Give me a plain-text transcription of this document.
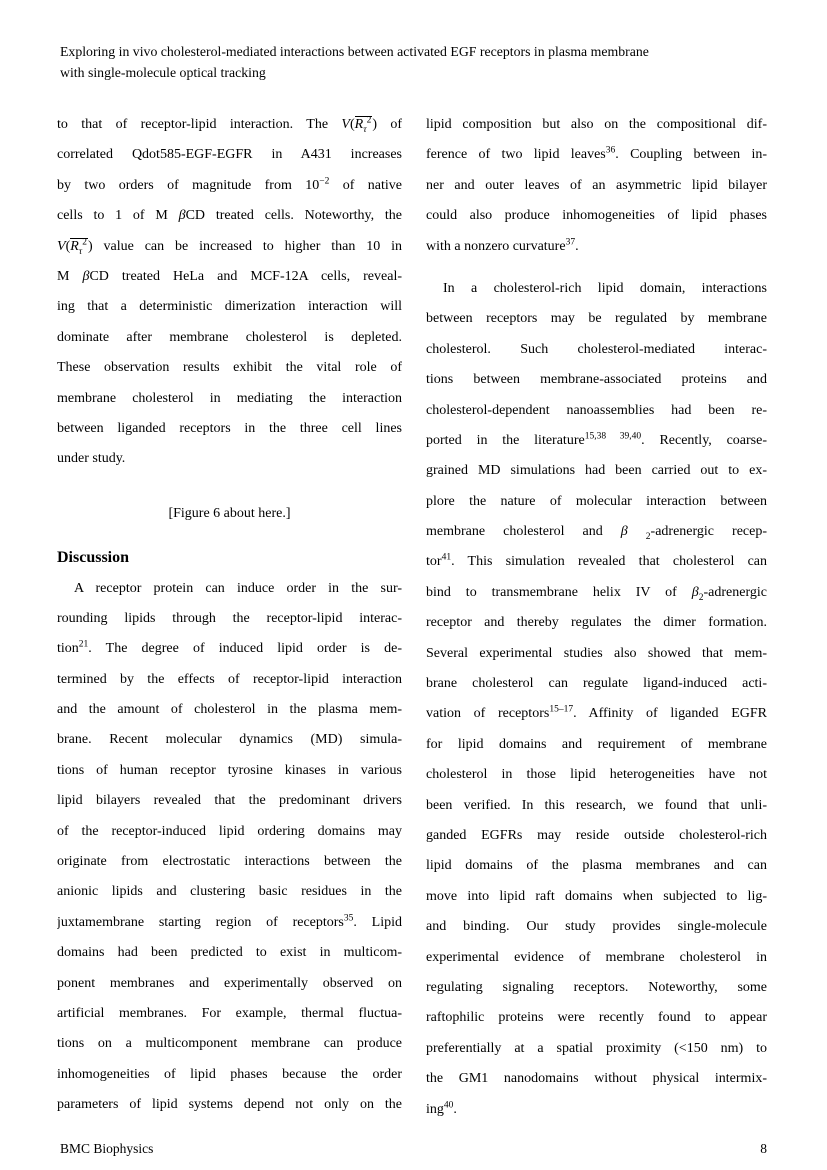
Exploring in vivo cholesterol-mediated interactions between activated EGF receptors in plasma membrane
with single-molecule optical tracking
to that of receptor-lipid interaction. The $V(R_\tau^2)$ of
correlated Qdot585-EGF-EGFR in A431 increases
by two orders of magnitude from $10^{-2}$ of native
cells to 1 of M βCD treated cells. Noteworthy, the
$V(R_\tau^2)$ value can be increased to higher than 10 in
M βCD treated HeLa and MCF-12A cells, reveal-
ing that a deterministic dimerization interaction will
dominate after membrane cholesterol is depleted.
These observation results exhibit the vital role of
membrane cholesterol in mediating the interaction
between liganded receptors in the three cell lines
under study.
[Figure 6 about here.]
Discussion
A receptor protein can induce order in the sur-
rounding lipids through the receptor-lipid interac-
tion$^{21}$. The degree of induced lipid order is de-
termined by the effects of receptor-lipid interaction
and the amount of cholesterol in the plasma mem-
brane. Recent molecular dynamics (MD) simula-
tions of human receptor tyrosine kinases in various
lipid bilayers revealed that the predominant drivers
of the receptor-induced lipid ordering domains may
originate from electrostatic interactions between the
anionic lipids and clustering basic residues in the
juxtamembrane starting region of receptors$^{35}$. Lipid
domains had been predicted to exist in multicom-
ponent membranes and experimentally observed on
artificial membranes. For example, thermal fluctua-
tions on a multicomponent membrane can produce
inhomogeneities of lipid phases because the order
parameters of lipid systems depend not only on the
lipid composition but also on the compositional dif-
ference of two lipid leaves$^{36}$. Coupling between in-
ner and outer leaves of an asymmetric lipid bilayer
could also produce inhomogeneities of lipid phases
with a nonzero curvature$^{37}$.
In a cholesterol-rich lipid domain, interactions
between receptors may be regulated by membrane
cholesterol. Such cholesterol-mediated interac-
tions between membrane-associated proteins and
cholesterol-dependent nanoassemblies had been re-
ported in the literature$^{15,38 39,40}$. Recently, coarse-
grained MD simulations had been carried out to ex-
plore the nature of molecular interaction between
membrane cholesterol and β $_2$-adrenergic recep-
tor$^{41}$. This simulation revealed that cholesterol can
bind to transmembrane helix IV of $\beta_2$-adrenergic
receptor and thereby regulates the dimer formation.
Several experimental studies also showed that mem-
brane cholesterol can regulate ligand-induced acti-
vation of receptors$^{15-17}$. Affinity of liganded EGFR
for lipid domains and requirement of membrane
cholesterol in those lipid heterogeneities have not
been verified. In this research, we found that unli-
ganded EGFRs may reside outside cholesterol-rich
lipid domains of the plasma membranes and can
move into lipid raft domains when subjected to lig-
and binding. Our study provides single-molecule
experimental evidence of membrane cholesterol in
regulating signaling receptors. Noteworthy, some
raftophilic proteins were recently found to appear
preferentially at a spatial proximity (<150 nm) to
the GM1 nanodomains without physical intermix-
ing$^{40}$.
BMC Biophysics	8
